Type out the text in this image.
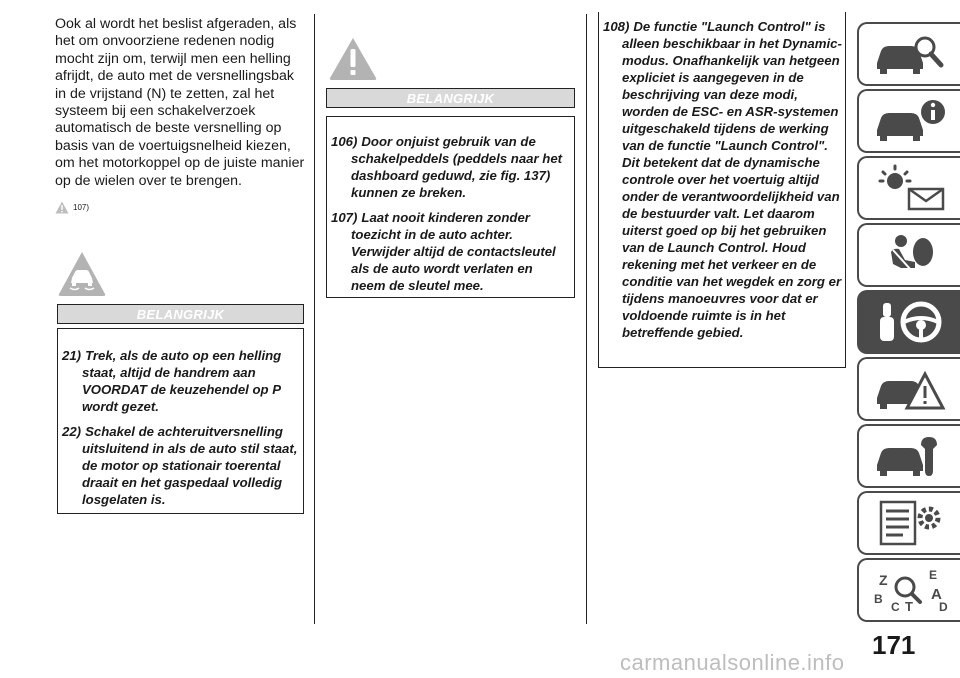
Ook al wordt het beslist afgeraden, als het om onvoorziene redenen nodig mocht zijn om, terwijl men een helling afrijdt, de auto met de versnellingsbak in de vrijstand (N) te zetten, zal het systeem bij een schakelverzoek automatisch de beste versnelling op basis van de voertuigsnelheid kiezen, om het motorkoppel op de juiste manier op de wielen over te brengen.

107)
BELANGRIJK
21) Trek, als de auto op een helling staat, altijd de handrem aan VOORDAT de keuzehendel op P wordt gezet.
22) Schakel de achteruitversnelling uitsluitend in als de auto stil staat, de motor op stationair toerental draait en het gaspedaal volledig losgelaten is.
BELANGRIJK
106) Door onjuist gebruik van de schakelpeddels (peddels naar het dashboard geduwd, zie fig. 137) kunnen ze breken.
107) Laat nooit kinderen zonder toezicht in de auto achter. Verwijder altijd de contactsleutel als de auto wordt verlaten en neem de sleutel mee.
108) De functie "Launch Control" is alleen beschikbaar in het Dynamic-modus. Onafhankelijk van hetgeen expliciet is aangegeven in de beschrijving van deze modi, worden de ESC- en ASR-systemen uitgeschakeld tijdens de werking van de functie "Launch Control". Dit betekent dat de dynamische controle over het voertuig altijd onder de verantwoordelijkheid van de bestuurder valt. Let daarom uiterst goed op bij het gebruiken van de Launch Control. Houd rekening met het verkeer en de conditie van het wegdek en zorg er tijdens manoeuvres voor dat er voldoende ruimte is in het betreffende gebied.
Z	E
B	A
C T D
171
carmanualsonline.info
